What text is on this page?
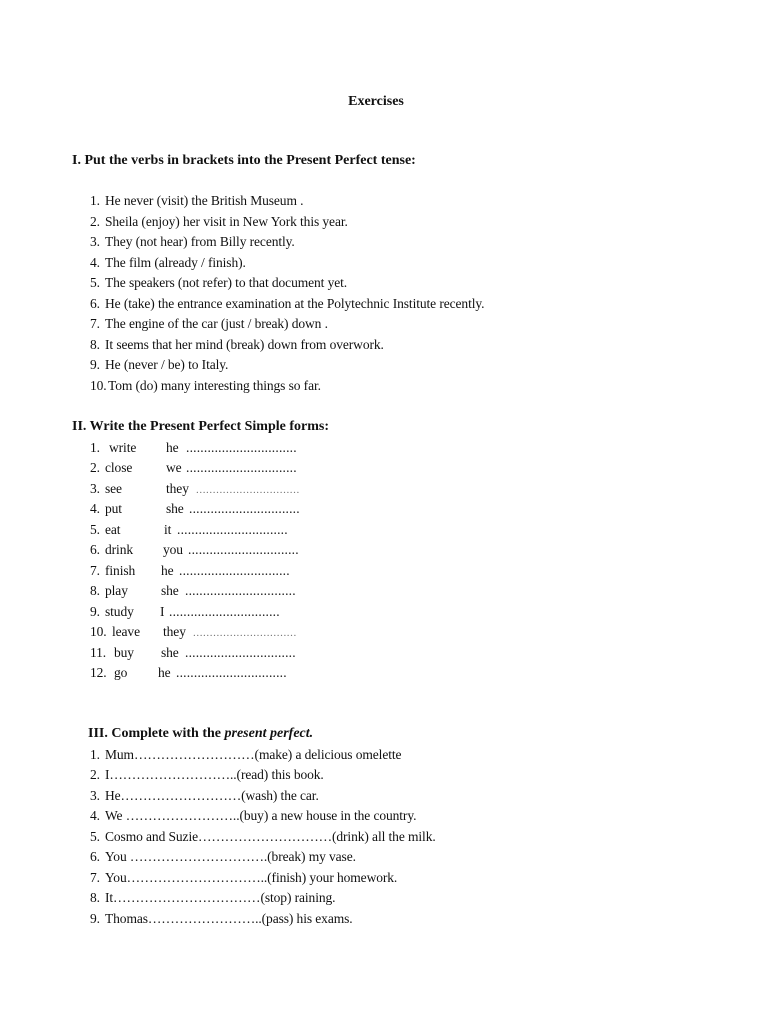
Exercises
I. Put the verbs in brackets into the Present Perfect tense:
1. He never (visit) the British Museum .
2. Sheila (enjoy) her visit in New York this year.
3. They (not hear) from Billy recently.
4. The film (already / finish).
5. The speakers (not refer) to that document yet.
6. He (take) the entrance examination at the Polytechnic Institute recently.
7. The engine of the car (just / break) down .
8. It seems that her mind (break) down from overwork.
9. He (never / be) to Italy.
10. Tom (do) many interesting things so far.
II. Write the Present Perfect Simple forms:
1. write he ...............................
2. close	we ...............................
3. see	they ...............................
4. put	she ...............................
5. eat	it ...............................
6. drink you ...............................
7. finish he ...............................
8. play she ...............................
9. study I ...............................
10. leave they ...............................
11. buy she ...............................
12. go he ...............................
III. Complete with the present perfect.
1. Mum………………………(make) a delicious omelette
2. I………………………..(read) this book.
3. He………………………(wash) the car.
4. We ……………………..(buy) a new house in the country.
5. Cosmo and Suzie…………………………(drink) all the milk.
6. You ………………………….(break) my vase.
7. You…………………………..(finish) your homework.
8. It……………………………(stop) raining.
9. Thomas……………………..(pass) his exams.
